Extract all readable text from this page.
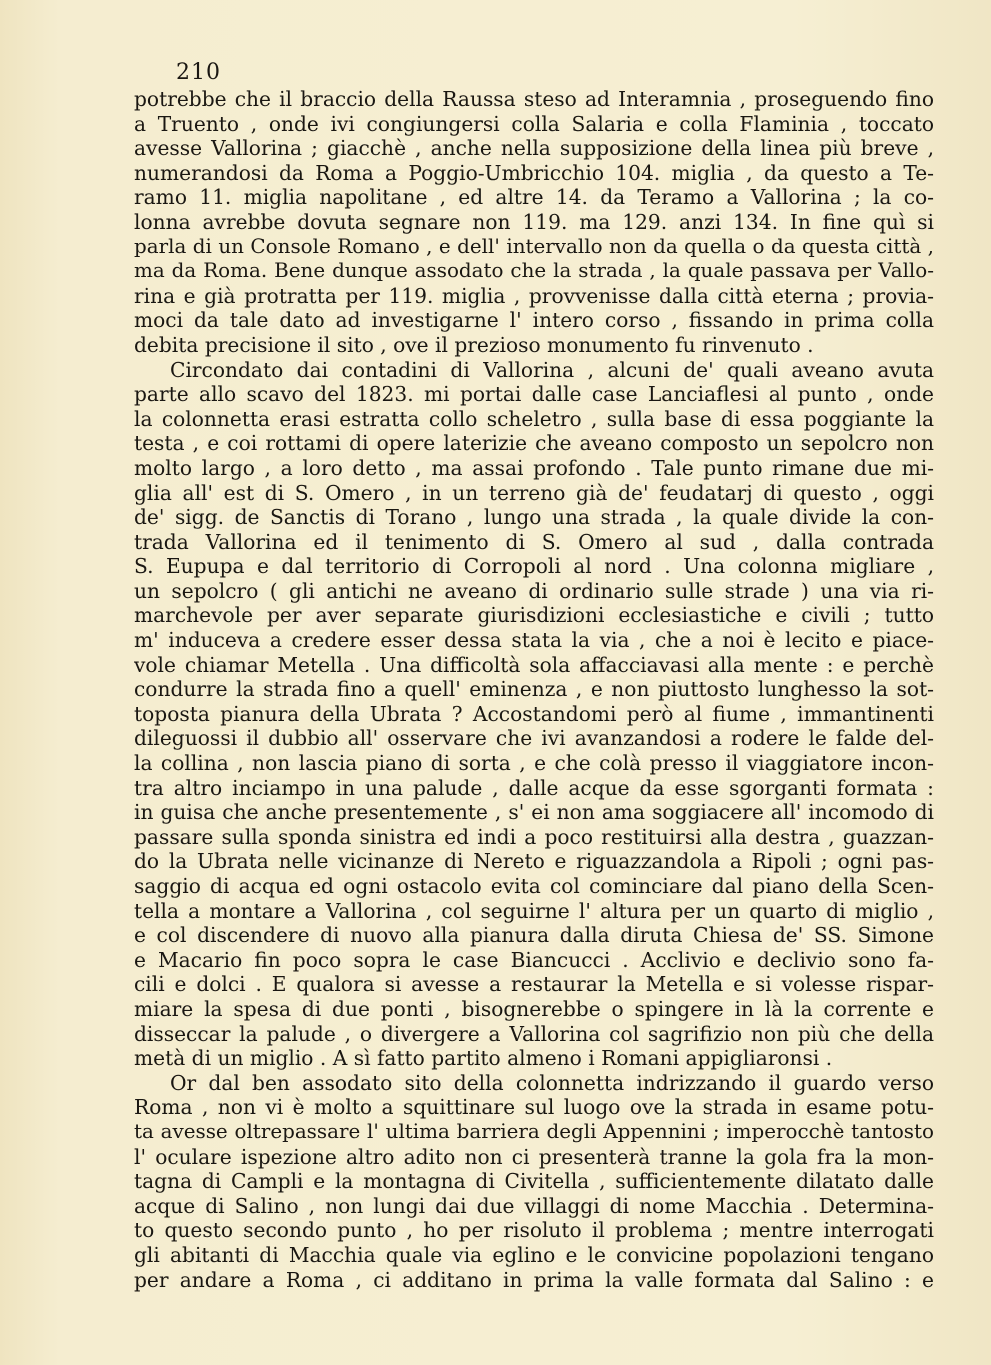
210
potrebbe che il braccio della Raussa steso ad Interamnia , proseguendo fino
a Truento , onde ivi congiungersi colla Salaria e colla Flaminia , toccato
avesse Vallorina ; giacchè , anche nella supposizione della linea più breve ,
numerandosi da Roma a Poggio-Umbricchio 104. miglia , da questo a Te-
ramo 11. miglia napolitane , ed altre 14. da Teramo a Vallorina ; la co-
lonna avrebbe dovuta segnare non 119. ma 129. anzi 134. In fine quì si
parla di un Console Romano , e dell' intervallo non da quella o da questa città ,
ma da Roma. Bene dunque assodato che la strada , la quale passava per Vallo-
rina e già protratta per 119. miglia , provvenisse dalla città eterna ; provia-
moci da tale dato ad investigarne l' intero corso , fissando in prima colla
debita precisione il sito , ove il prezioso monumento fu rinvenuto .
Circondato dai contadini di Vallorina , alcuni de' quali aveano avuta
parte allo scavo del 1823. mi portai dalle case Lanciaflesi al punto , onde
la colonnetta erasi estratta collo scheletro , sulla base di essa poggiante la
testa , e coi rottami di opere laterizie che aveano composto un sepolcro non
molto largo , a loro detto , ma assai profondo . Tale punto rimane due mi-
glia all' est di S. Omero , in un terreno già de' feudatarj di questo , oggi
de' sigg. de Sanctis di Torano , lungo una strada , la quale divide la con-
trada Vallorina ed il tenimento di S. Omero al sud , dalla contrada
S. Eupupa e dal territorio di Corropoli al nord . Una colonna migliare ,
un sepolcro ( gli antichi ne aveano di ordinario sulle strade ) una via ri-
marchevole per aver separate giurisdizioni ecclesiastiche e civili ; tutto
m' induceva a credere esser dessa stata la via , che a noi è lecito e piace-
vole chiamar Metella . Una difficoltà sola affacciavasi alla mente : e perchè
condurre la strada fino a quell' eminenza , e non piuttosto lunghesso la sot-
toposta pianura della Ubrata ? Accostandomi però al fiume , immantinenti
dileguossi il dubbio all' osservare che ivi avanzandosi a rodere le falde del-
la collina , non lascia piano di sorta , e che colà presso il viaggiatore incon-
tra altro inciampo in una palude , dalle acque da esse sgorganti formata :
in guisa che anche presentemente , s' ei non ama soggiacere all' incomodo di
passare sulla sponda sinistra ed indi a poco restituirsi alla destra , guazzan-
do la Ubrata nelle vicinanze di Nereto e riguazzandola a Ripoli ; ogni pas-
saggio di acqua ed ogni ostacolo evita col cominciare dal piano della Scen-
tella a montare a Vallorina , col seguirne l' altura per un quarto di miglio ,
e col discendere di nuovo alla pianura dalla diruta Chiesa de' SS. Simone
e Macario fin poco sopra le case Biancucci . Acclivio e declivio sono fa-
cili e dolci . E qualora si avesse a restaurar la Metella e si volesse rispar-
miare la spesa di due ponti , bisognerebbe o spingere in là la corrente e
disseccar la palude , o divergere a Vallorina col sagrifizio non più che della
metà di un miglio . A sì fatto partito almeno i Romani appigliaronsi .
Or dal ben assodato sito della colonnetta indrizzando il guardo verso
Roma , non vi è molto a squittinare sul luogo ove la strada in esame potu-
ta avesse oltrepassare l' ultima barriera degli Appennini ; imperocchè tantosto
l' oculare ispezione altro adito non ci presenterà tranne la gola fra la mon-
tagna di Campli e la montagna di Civitella , sufficientemente dilatato dalle
acque di Salino , non lungi dai due villaggi di nome Macchia . Determina-
to questo secondo punto , ho per risoluto il problema ; mentre interrogati
gli abitanti di Macchia quale via eglino e le convicine popolazioni tengano
per andare a Roma , ci additano in prima la valle formata dal Salino : e
